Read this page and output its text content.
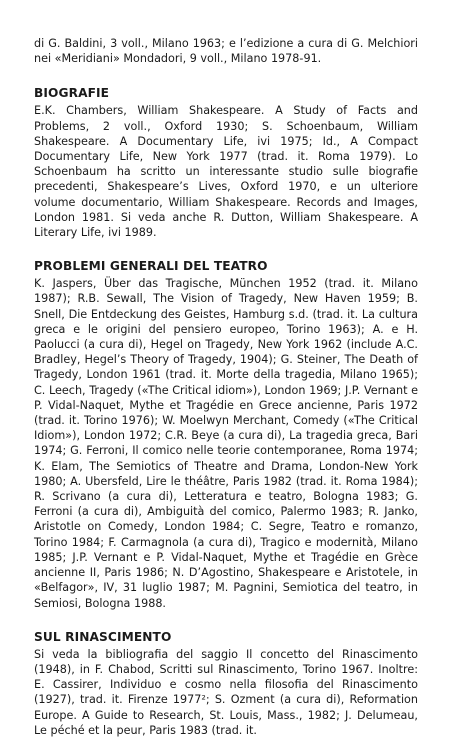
di G. Baldini, 3 voll., Milano 1963; e l’edizione a cura di G. Melchiori nei «Meridiani» Mondadori, 9 voll., Milano 1978-91.

BIOGRAFIE

E.K. Chambers, William Shakespeare. A Study of Facts and Problems, 2 voll., Oxford 1930; S. Schoenbaum, William Shakespeare. A Documentary Life, ivi 1975; Id., A Compact Documentary Life, New York 1977 (trad. it. Roma 1979). Lo Schoenbaum ha scritto un interessante studio sulle biografie precedenti, Shakespeare’s Lives, Oxford 1970, e un ulteriore volume documentario, William Shakespeare. Records and Images, London 1981. Si veda anche R. Dutton, William Shakespeare. A Literary Life, ivi 1989.

PROBLEMI GENERALI DEL TEATRO

K. Jaspers, Über das Tragische, München 1952 (trad. it. Milano 1987); R.B. Sewall, The Vision of Tragedy, New Haven 1959; B. Snell, Die Entdeckung des Geistes, Hamburg s.d. (trad. it. La cultura greca e le origini del pensiero europeo, Torino 1963); A. e H. Paolucci (a cura di), Hegel on Tragedy, New York 1962 (include A.C. Bradley, Hegel’s Theory of Tragedy, 1904); G. Steiner, The Death of Tragedy, London 1961 (trad. it. Morte della tragedia, Milano 1965); C. Leech, Tragedy («The Critical idiom»), London 1969; J.P. Vernant e P. Vidal-Naquet, Mythe et Tragédie en Grece ancienne, Paris 1972 (trad. it. Torino 1976); W. Moelwyn Merchant, Comedy («The Critical Idiom»), London 1972; C.R. Beye (a cura di), La tragedia greca, Bari 1974; G. Ferroni, Il comico nelle teorie contemporanee, Roma 1974; K. Elam, The Semiotics of Theatre and Drama, London-New York 1980; A. Ubersfeld, Lire le théâtre, Paris 1982 (trad. it. Roma 1984); R. Scrivano (a cura di), Letteratura e teatro, Bologna 1983; G. Ferroni (a cura di), Ambiguità del comico, Palermo 1983; R. Janko, Aristotle on Comedy, London 1984; C. Segre, Teatro e romanzo, Torino 1984; F. Carmagnola (a cura di), Tragico e modernità, Milano 1985; J.P. Vernant e P. Vidal-Naquet, Mythe et Tragédie en Grèce ancienne II, Paris 1986; N. D’Agostino, Shakespeare e Aristotele, in «Belfagor», IV, 31 luglio 1987; M. Pagnini, Semiotica del teatro, in Semiosi, Bologna 1988.

SUL RINASCIMENTO

Si veda la bibliografia del saggio Il concetto del Rinascimento (1948), in F. Chabod, Scritti sul Rinascimento, Torino 1967. Inoltre: E. Cassirer, Individuo e cosmo nella filosofia del Rinascimento (1927), trad. it. Firenze 1977²; S. Ozment (a cura di), Reformation Europe. A Guide to Research, St. Louis, Mass., 1982; J. Delumeau, Le péché et la peur, Paris 1983 (trad. it.
